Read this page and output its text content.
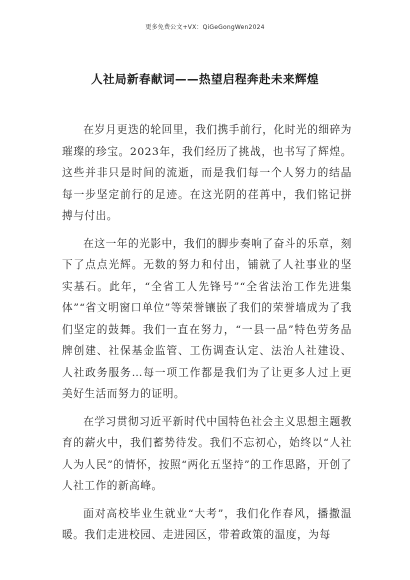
更多免费公文+VX：QiGeGongWen2024
人社局新春献词——热望启程奔赴未来辉煌

在岁月更迭的轮回里，我们携手前行，化时光的细碎为璀璨的珍宝。2023年，我们经历了挑战，也书写了辉煌。这些并非只是时间的流逝，而是我们每一个人努力的结晶每一步坚定前行的足迹。在这光阴的荏苒中，我们铭记拼搏与付出。

在这一年的光影中，我们的脚步奏响了奋斗的乐章，刻下了点点光辉。无数的努力和付出，铺就了人社事业的坚实基石。此年，“全省工人先锋号”“全省法治工作先进集体”“省文明窗口单位”等荣誉镶嵌了我们的荣誉墙成为了我们坚定的鼓舞。我们一直在努力，“一县一品”特色劳务品牌创建、社保基金监管、工伤调查认定、法治人社建设、人社政务服务…每一项工作都是我们为了让更多人过上更美好生活而努力的证明。

在学习贯彻习近平新时代中国特色社会主义思想主题教育的薪火中，我们蓄势待发。我们不忘初心，始终以“人社人为人民”的情怀，按照“两化五坚持”的工作思路，开创了人社工作的新高峰。

面对高校毕业生就业“大考”，我们化作春风，播撒温暖。我们走进校园、走进园区，带着政策的温度，为每
